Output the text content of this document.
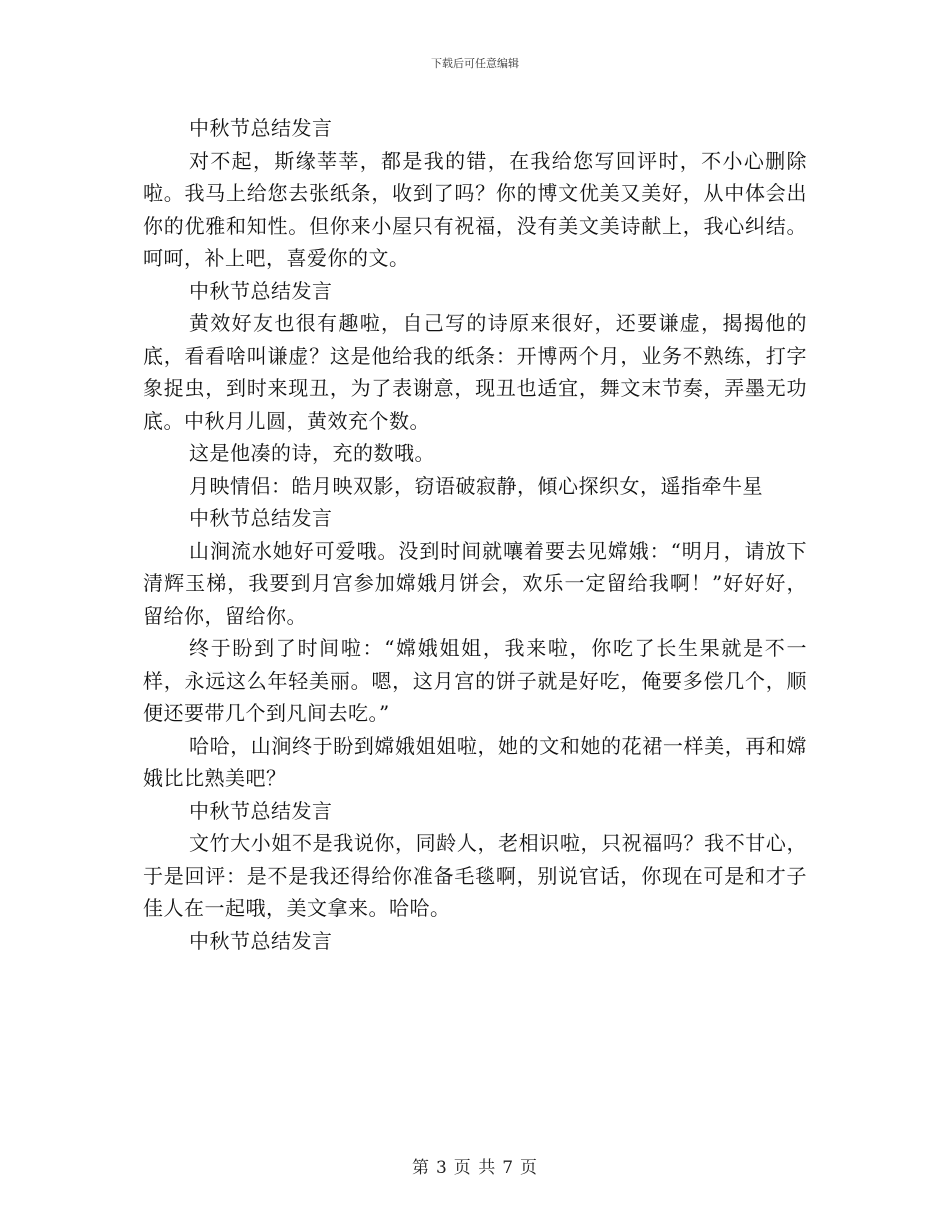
下载后可任意编辑

中秋节总结发言

对不起，斯缘莘莘，都是我的错，在我给您写回评时，不小心删除啦。我马上给您去张纸条，收到了吗？你的博文优美又美好，从中体会出你的优雅和知性。但你来小屋只有祝福，没有美文美诗献上，我心纠结。呵呵，补上吧，喜爱你的文。

中秋节总结发言

黄效好友也很有趣啦，自己写的诗原来很好，还要谦虚，揭揭他的底，看看啥叫谦虚？这是他给我的纸条：开博两个月，业务不熟练，打字象捉虫，到时来现丑，为了表谢意，现丑也适宜，舞文末节奏，弄墨无功底。中秋月儿圆，黄效充个数。

这是他凑的诗，充的数哦。

月映情侣：皓月映双影，窃语破寂静，傾心探织女，遥指牵牛星

中秋节总结发言

山涧流水她好可爱哦。没到时间就嚷着要去见嫦娥：“明月，请放下清辉玉梯，我要到月宫参加嫦娥月饼会，欢乐一定留给我啊！”好好好，留给你，留给你。

终于盼到了时间啦：“嫦娥姐姐，我来啦，你吃了长生果就是不一样，永远这么年轻美丽。嗯，这月宫的饼子就是好吃，俺要多偿几个，顺便还要带几个到凡间去吃。”

哈哈，山涧终于盼到嫦娥姐姐啦，她的文和她的花裙一样美，再和嫦娥比比熟美吧？

中秋节总结发言

文竹大小姐不是我说你，同龄人，老相识啦，只祝福吗？我不甘心，于是回评：是不是我还得给你准备毛毯啊，别说官话，你现在可是和才子佳人在一起哦，美文拿来。哈哈。

中秋节总结发言

第 3 页 共 7 页
